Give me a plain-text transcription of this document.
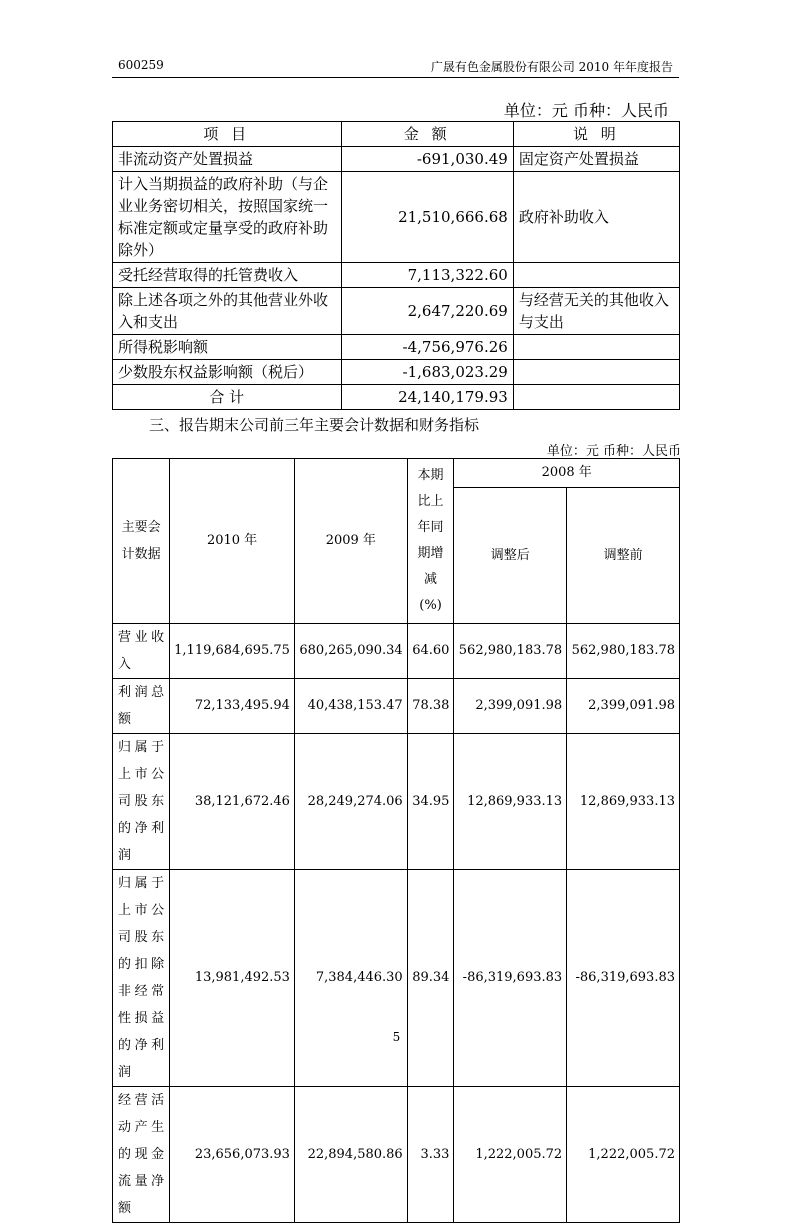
600259	广晟有色金属股份有限公司 2010 年年度报告
单位：元 币种：人民币
项 目	金 额	说 明
非流动资产处置损益	-691,030.49	固定资产处置损益
计入当期损益的政府补助（与企业业务密切相关，按照国家统一标准定额或定量享受的政府补助除外）	21,510,666.68	政府补助收入
受托经营取得的托管费收入	7,113,322.60	
除上述各项之外的其他营业外收入和支出	2,647,220.69	与经营无关的其他收入与支出
所得税影响额	-4,756,976.26	
少数股东权益影响额（税后）	-1,683,023.29	
合 计	24,140,179.93	
三、报告期末公司前三年主要会计数据和财务指标
单位：元 币种：人民币
主要会计数据	2010 年	2009 年	本期比上年同期增减(%)	2008 年	
				调整后	调整前
营业收入	1,119,684,695.75	680,265,090.34	64.60	562,980,183.78	562,980,183.78
利润总额	72,133,495.94	40,438,153.47	78.38	2,399,091.98	2,399,091.98
归属于上市公司股东的净利润	38,121,672.46	28,249,274.06	34.95	12,869,933.13	12,869,933.13
归属于上市公司股东的扣除非经常性损益的净利润	13,981,492.53	7,384,446.30	89.34	-86,319,693.83	-86,319,693.83
经营活动产生的现金流量净额	23,656,073.93	22,894,580.86	3.33	1,222,005.72	1,222,005.72
5
